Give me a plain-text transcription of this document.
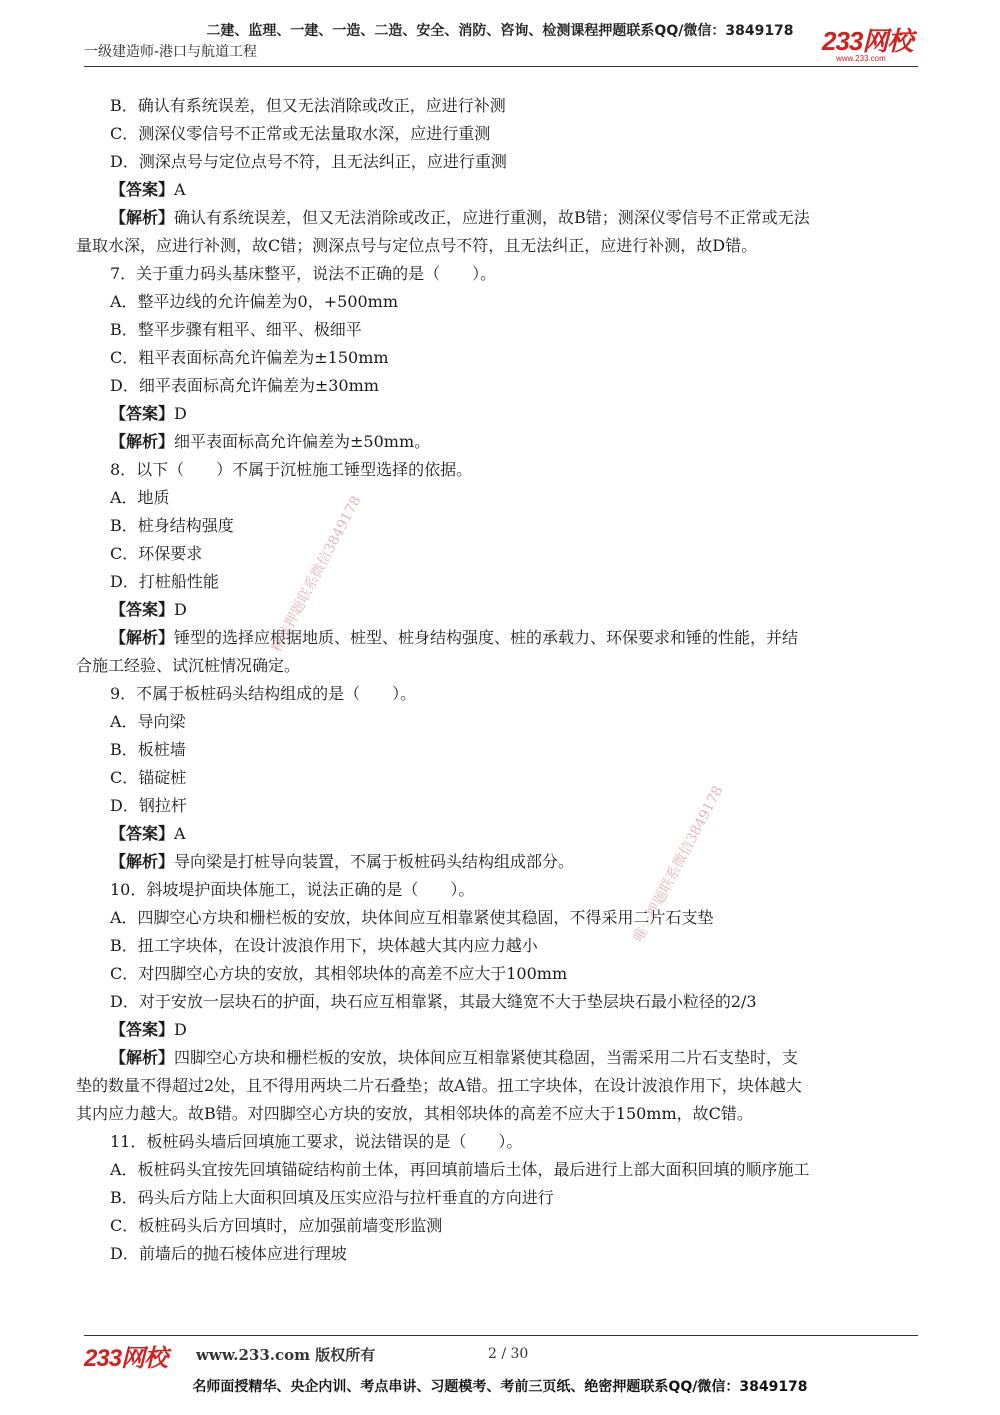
二建、监理、一建、一造、二造、安全、消防、咨询、检测课程押题联系QQ/微信：3849178
一级建造师-港口与航道工程	233网校
www.233.com
B．确认有系统误差，但又无法消除或改正，应进行补测
C．测深仪零信号不正常或无法量取水深，应进行重测
D．测深点号与定位点号不符，且无法纠正，应进行重测
【答案】A
【解析】确认有系统误差，但又无法消除或改正，应进行重测，故B错；测深仪零信号不正常或无法
量取水深，应进行补测，故C错；测深点号与定位点号不符，且无法纠正，应进行补测，故D错。
7．关于重力码头基床整平，说法不正确的是（　　）。
A．整平边线的允许偏差为0，+500mm
B．整平步骤有粗平、细平、极细平
C．粗平表面标高允许偏差为±150mm
D．细平表面标高允许偏差为±30mm
【答案】D
【解析】细平表面标高允许偏差为±50mm。
8．以下（　　）不属于沉桩施工锤型选择的依据。
A．地质
B．桩身结构强度
C．环保要求
D．打桩船性能
【答案】D
【解析】锤型的选择应根据地质、桩型、桩身结构强度、桩的承载力、环保要求和锤的性能，并结
合施工经验、试沉桩情况确定。
9．不属于板桩码头结构组成的是（　　）。
A．导向梁
B．板桩墙
C．锚碇桩
D．钢拉杆
【答案】A
【解析】导向梁是打桩导向装置，不属于板桩码头结构组成部分。
10．斜坡堤护面块体施工，说法正确的是（　　）。
A．四脚空心方块和栅栏板的安放，块体间应互相靠紧使其稳固，不得采用二片石支垫
B．扭工字块体，在设计波浪作用下，块体越大其内应力越小
C．对四脚空心方块的安放，其相邻块体的高差不应大于100mm
D．对于安放一层块石的护面，块石应互相靠紧，其最大缝宽不大于垫层块石最小粒径的2/3
【答案】D
【解析】四脚空心方块和栅栏板的安放，块体间应互相靠紧使其稳固，当需采用二片石支垫时，支
垫的数量不得超过2处，且不得用两块二片石叠垫；故A错。扭工字块体，在设计波浪作用下，块体越大
其内应力越大。故B错。对四脚空心方块的安放，其相邻块体的高差不应大于150mm，故C错。
11．板桩码头墙后回填施工要求，说法错误的是（　　）。
A．板桩码头宜按先回填锚碇结构前土体，再回填前墙后土体，最后进行上部大面积回填的顺序施工
B．码头后方陆上大面积回填及压实应沿与拉杆垂直的方向进行
C．板桩码头后方回填时，应加强前墙变形监测
D．前墙后的抛石棱体应进行理坡
精准押题联系微信3849178
唯一押题联系微信3849178
233网校 www.233.com 版权所有	2 / 30
名师面授精华、央企内训、考点串讲、习题模考、考前三页纸、绝密押题联系QQ/微信：3849178
